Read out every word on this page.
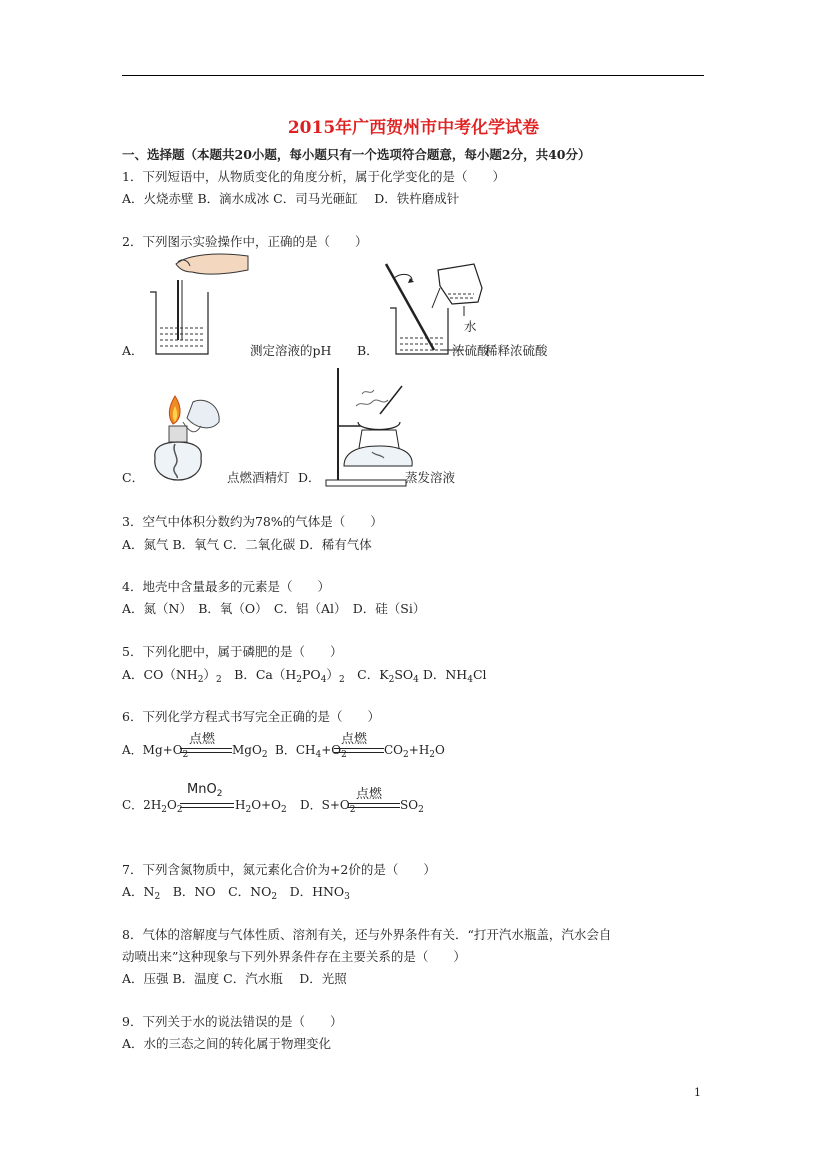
2015年广西贺州市中考化学试卷
一、选择题（本题共20小题，每小题只有一个选项符合题意，每小题2分，共40分）
1．下列短语中，从物质变化的角度分析，属于化学变化的是（　　）
A．火烧赤壁 B．滴水成冰 C．司马光砸缸　 D．铁杵磨成针
2．下列图示实验操作中，正确的是（　　）
A．	测定溶液的pH B．
水
浓硫酸
稀释浓硫酸
C．	点燃酒精灯 D．	蒸发溶液
3．空气中体积分数约为78%的气体是（　　）
A．氮气 B．氧气 C．二氧化碳 D．稀有气体
4．地壳中含量最多的元素是（　　）
A．氮（N）　B．氧（O）　C．铝（Al）　D．硅（Si）
5．下列化肥中，属于磷肥的是（　　）
A．$CO(NH_2)_2$　B．$Ca(H_2PO_4)_2$　C．$K_2SO_4$ D．$NH_4Cl$
6．下列化学方程式书写完全正确的是（　　）
A．$Mg+O_2$
点燃
MgO$_2$ B．$CH_4+O_2$
点燃
$CO_2+H_2O$
C．$2H_2O_2$
MnO$_2$
$H_2O+O_2$ D．$S+O_2$
点燃
$SO_2$
7．下列含氮物质中，氮元素化合价为+2价的是（　　）
A．$N_2$　B．NO　C．$NO_2$　D．$HNO_3$
8．气体的溶解度与气体性质、溶剂有关，还与外界条件有关．“打开汽水瓶盖，汽水会自
动喷出来”这种现象与下列外界条件存在主要关系的是（　　）
A．压强 B．温度 C．汽水瓶　 D．光照
9．下列关于水的说法错误的是（　　）
A．水的三态之间的转化属于物理变化
1
